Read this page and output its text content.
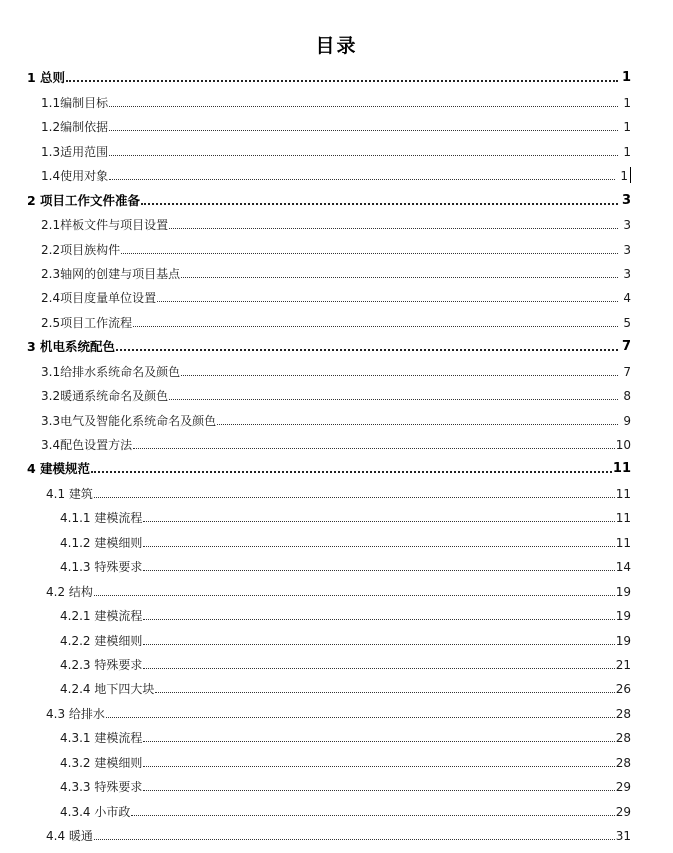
目录
1 总则	1
1.1编制目标	1
1.2编制依据	1
1.3适用范围	1
1.4使用对象	1
2 项目工作文件准备	3
2.1样板文件与项目设置	3
2.2项目族构件	3
2.3轴网的创建与项目基点	3
2.4项目度量单位设置	4
2.5项目工作流程	5
3 机电系统配色	7
3.1给排水系统命名及颜色	7
3.2暖通系统命名及颜色	8
3.3电气及智能化系统命名及颜色	9
3.4配色设置方法	10
4 建模规范	11
4.1 建筑	11
4.1.1 建模流程	11
4.1.2 建模细则	11
4.1.3 特殊要求	14
4.2 结构	19
4.2.1 建模流程	19
4.2.2 建模细则	19
4.2.3 特殊要求	21
4.2.4 地下四大块	26
4.3 给排水	28
4.3.1 建模流程	28
4.3.2 建模细则	28
4.3.3 特殊要求	29
4.3.4 小市政	29
4.4 暖通	31
